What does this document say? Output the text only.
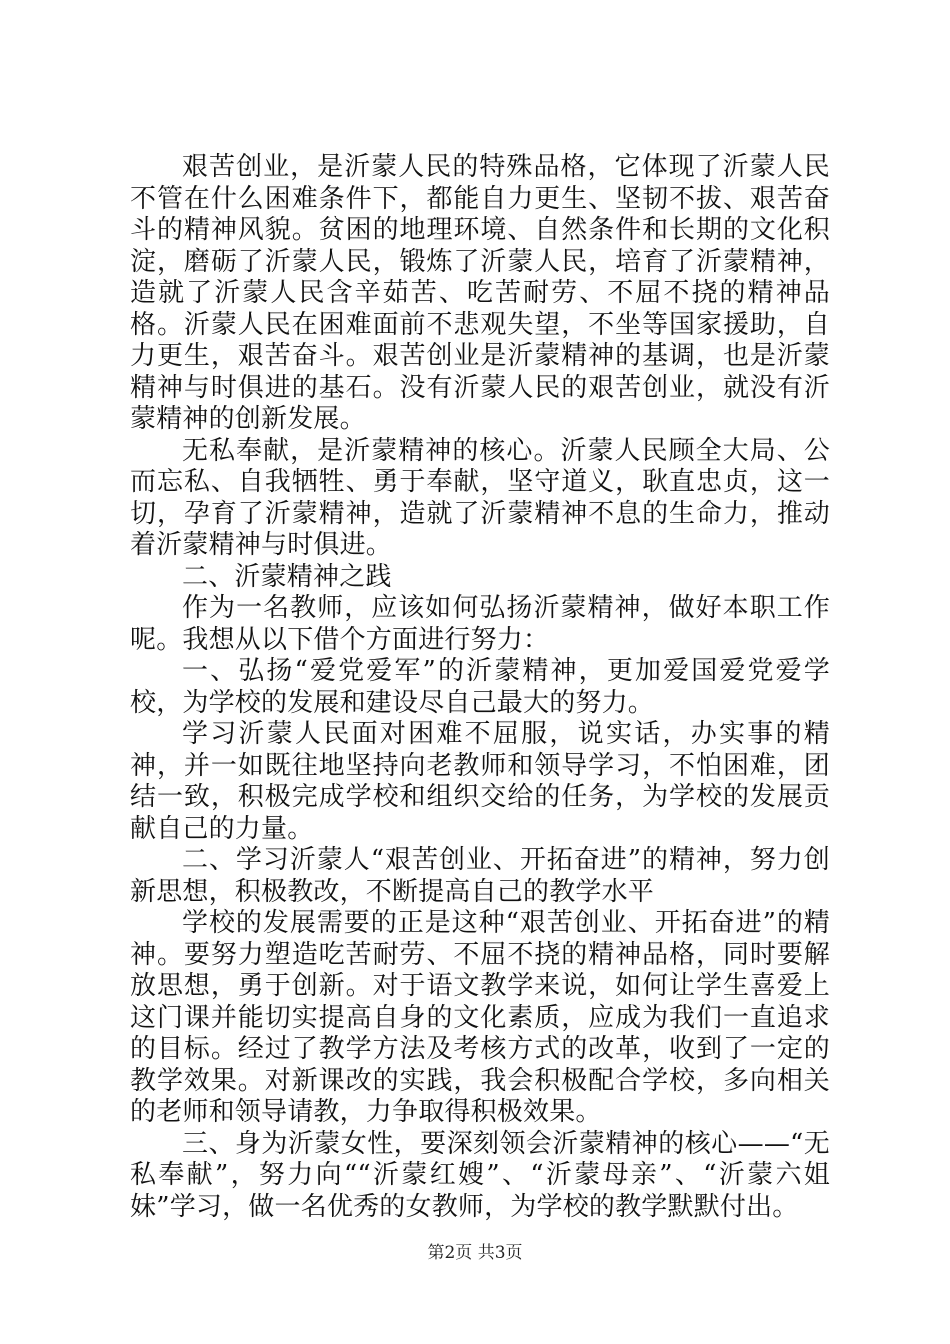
艰苦创业，是沂蒙人民的特殊品格，它体现了沂蒙人民不管在什么困难条件下，都能自力更生、坚韧不拔、艰苦奋斗的精神风貌。贫困的地理环境、自然条件和长期的文化积淀，磨砺了沂蒙人民，锻炼了沂蒙人民，培育了沂蒙精神，造就了沂蒙人民含辛茹苦、吃苦耐劳、不屈不挠的精神品格。沂蒙人民在困难面前不悲观失望，不坐等国家援助，自力更生，艰苦奋斗。艰苦创业是沂蒙精神的基调，也是沂蒙精神与时俱进的基石。没有沂蒙人民的艰苦创业，就没有沂蒙精神的创新发展。

无私奉献，是沂蒙精神的核心。沂蒙人民顾全大局、公而忘私、自我牺牲、勇于奉献，坚守道义，耿直忠贞，这一切，孕育了沂蒙精神，造就了沂蒙精神不息的生命力，推动着沂蒙精神与时俱进。

二、沂蒙精神之践

作为一名教师，应该如何弘扬沂蒙精神，做好本职工作呢。我想从以下借个方面进行努力：

一、弘扬“爱党爱军”的沂蒙精神，更加爱国爱党爱学校，为学校的发展和建设尽自己最大的努力。

学习沂蒙人民面对困难不屈服，说实话，办实事的精神，并一如既往地坚持向老教师和领导学习，不怕困难，团结一致，积极完成学校和组织交给的任务，为学校的发展贡献自己的力量。

二、学习沂蒙人“艰苦创业、开拓奋进”的精神，努力创新思想，积极教改，不断提高自己的教学水平

学校的发展需要的正是这种“艰苦创业、开拓奋进”的精神。要努力塑造吃苦耐劳、不屈不挠的精神品格，同时要解放思想，勇于创新。对于语文教学来说，如何让学生喜爱上这门课并能切实提高自身的文化素质，应成为我们一直追求的目标。经过了教学方法及考核方式的改革，收到了一定的教学效果。对新课改的实践，我会积极配合学校，多向相关的老师和领导请教，力争取得积极效果。

三、身为沂蒙女性，要深刻领会沂蒙精神的核心——“无私奉献”，努力向““沂蒙红嫂”、“沂蒙母亲”、“沂蒙六姐妹”学习，做一名优秀的女教师，为学校的教学默默付出。

第2页 共3页
